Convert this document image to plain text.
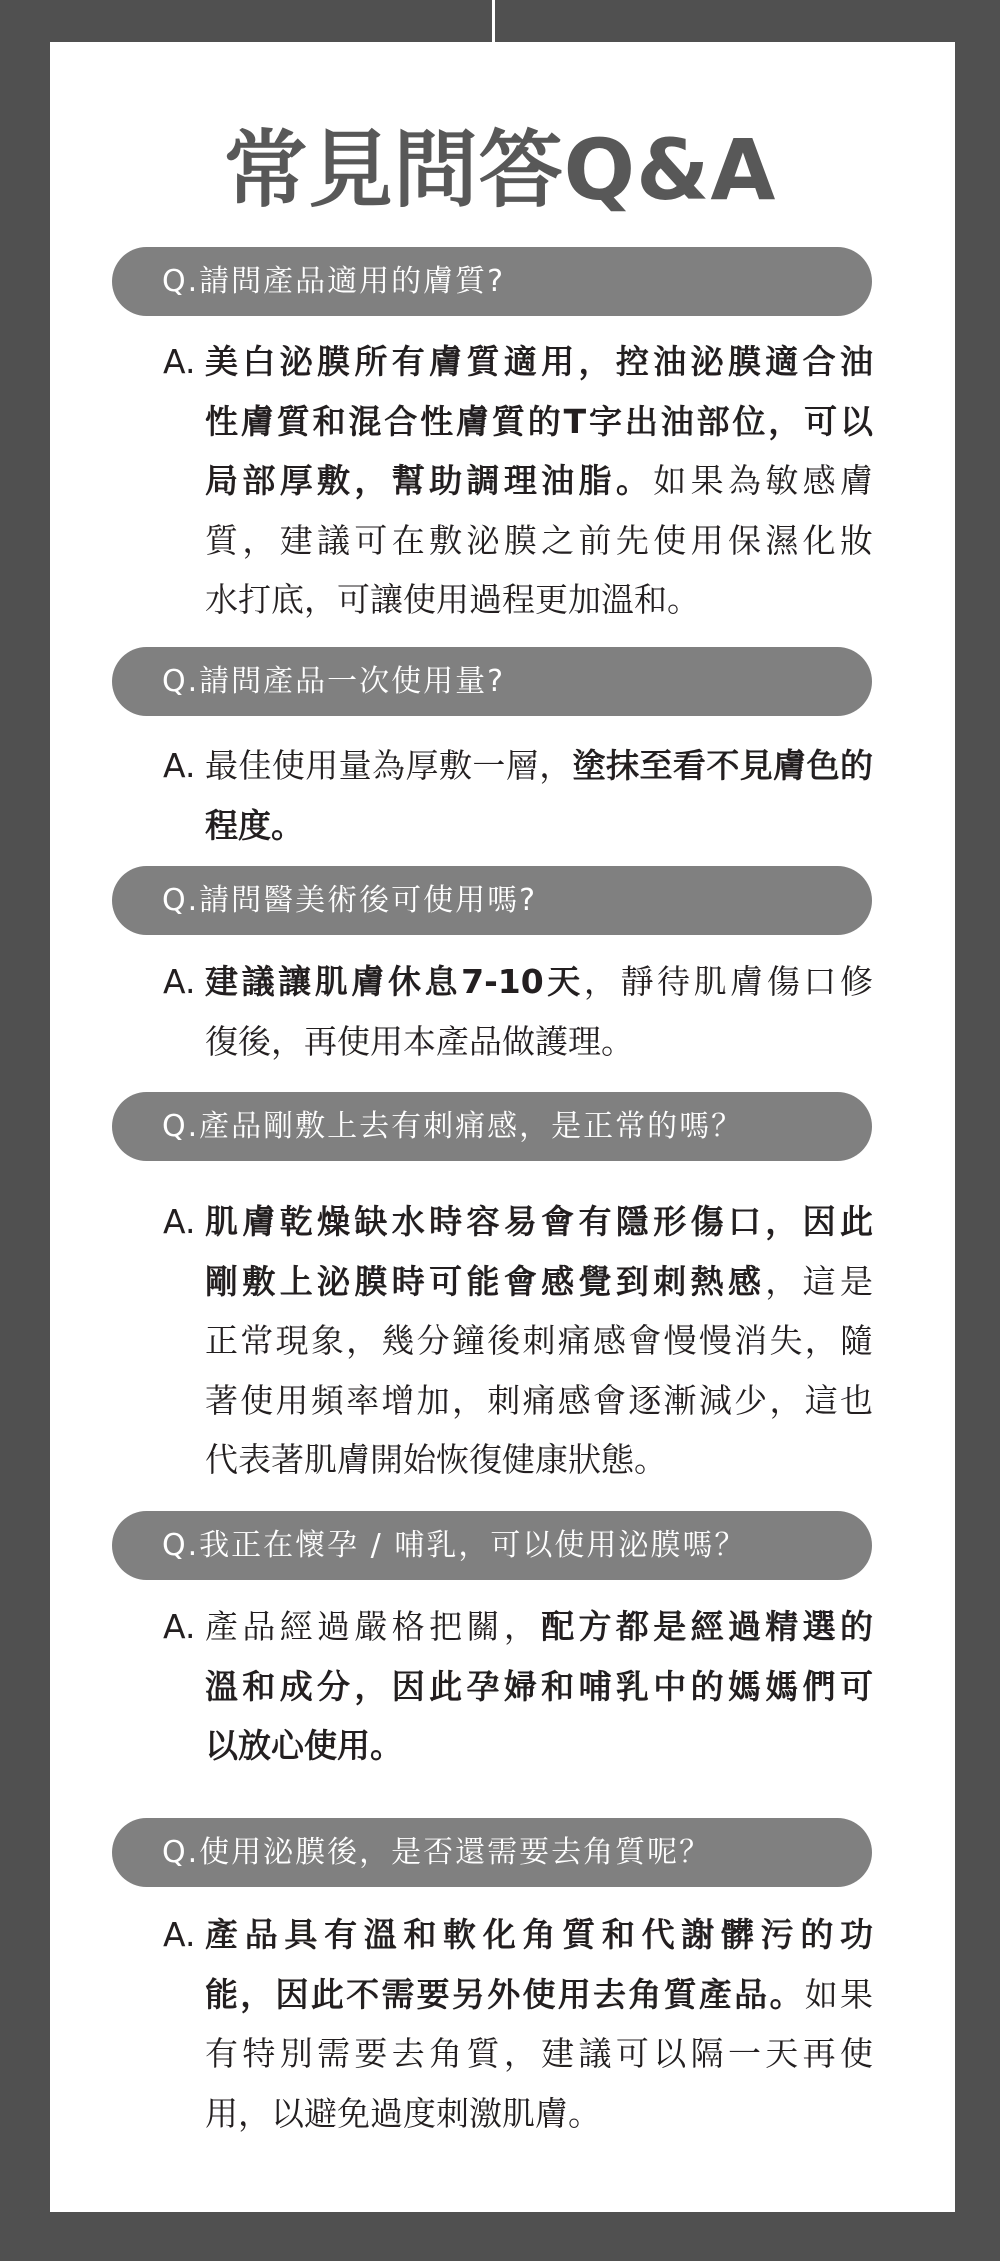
常見問答Q&A
Q.請問產品適用的膚質?
A. 美白泌膜所有膚質適用，控油泌膜適合油
性膚質和混合性膚質的T字出油部位，可以
局部厚敷，幫助調理油脂。如果為敏感膚
質，建議可在敷泌膜之前先使用保濕化妝
水打底，可讓使用過程更加溫和。
Q.請問產品一次使用量?
A. 最佳使用量為厚敷一層，塗抹至看不見膚色的
程度。
Q.請問醫美術後可使用嗎?
A. 建議讓肌膚休息7-10天，靜待肌膚傷口修
復後，再使用本產品做護理。
Q.產品剛敷上去有刺痛感，是正常的嗎？
A. 肌膚乾燥缺水時容易會有隱形傷口，因此
剛敷上泌膜時可能會感覺到刺熱感，這是
正常現象，幾分鐘後刺痛感會慢慢消失，隨
著使用頻率增加，刺痛感會逐漸減少，這也
代表著肌膚開始恢復健康狀態。
Q.我正在懷孕 / 哺乳，可以使用泌膜嗎？
A. 產品經過嚴格把關，配方都是經過精選的
溫和成分，因此孕婦和哺乳中的媽媽們可
以放心使用。
Q.使用泌膜後，是否還需要去角質呢？
A. 產品具有溫和軟化角質和代謝髒污的功
能，因此不需要另外使用去角質產品。如果
有特別需要去角質，建議可以隔一天再使
用，以避免過度刺激肌膚。
